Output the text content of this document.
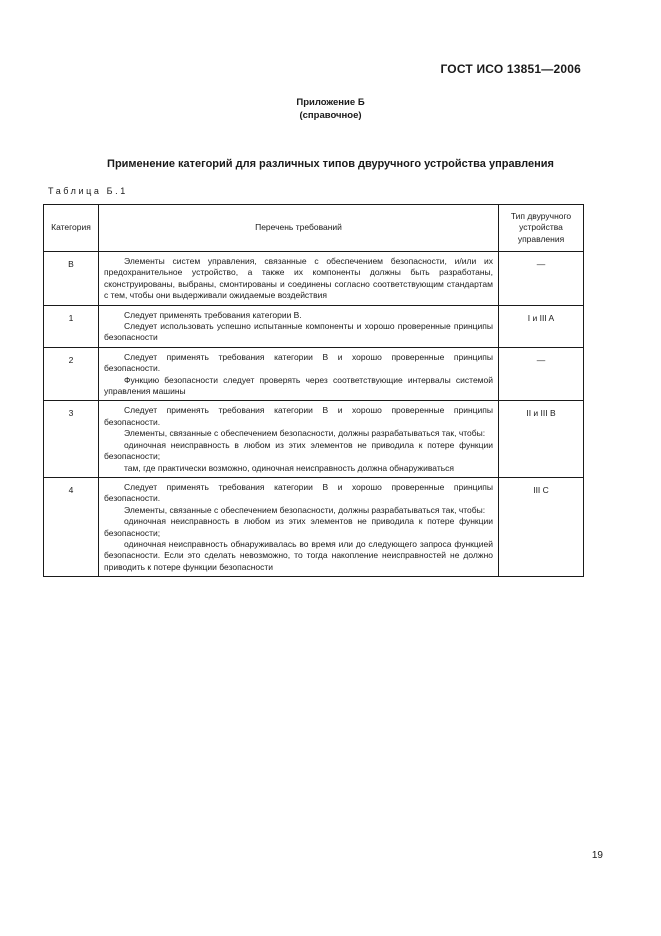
ГОСТ ИСО 13851—2006
Приложение Б
(справочное)
Применение категорий для различных типов двуручного устройства управления
Таблица Б.1
Категория	Перечень требований	Тип двуручного устройства управления
B	Элементы систем управления, связанные с обеспечением безопасности, и/или их предохранительное устройство, а также их компоненты должны быть разработаны, сконструированы, выбраны, смонтированы и соединены согласно соответствующим стандартам с тем, чтобы они выдерживали ожидаемые воздействия	—
1	Следует применять требования категории В.

Следует использовать успешно испытанные компоненты и хорошо проверенные принципы безопасности	I и III A
2	Следует применять требования категории В и хорошо проверенные принципы безопасности.

Функцию безопасности следует проверять через соответствующие интервалы системой управления машины	—
3	Следует применять требования категории В и хорошо проверенные принципы безопасности.

Элементы, связанные с обеспечением безопасности, должны разрабатываться так, чтобы:

одиночная неисправность в любом из этих элементов не приводила к потере функции безопасности;

там, где практически возможно, одиночная неисправность должна обнаруживаться	II и III B
4	Следует применять требования категории В и хорошо проверенные принципы безопасности.

Элементы, связанные с обеспечением безопасности, должны разрабатываться так, чтобы:

одиночная неисправность в любом из этих элементов не приводила к потере функции безопасности;

одиночная неисправность обнаруживалась во время или до следующего запроса функцией безопасности. Если это сделать невозможно, то тогда накопление неисправностей не должно приводить к потере функции безопасности	III C
19
